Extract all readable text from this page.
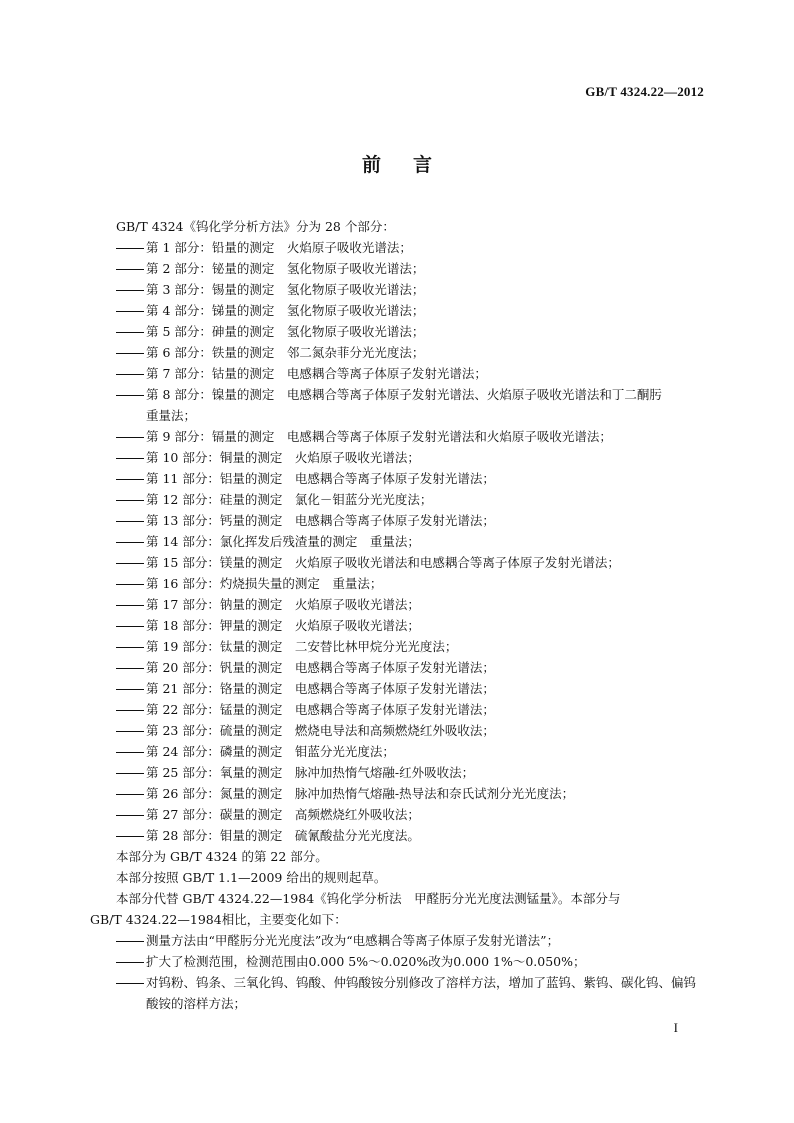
GB/T 4324.22—2012
前言
GB/T 4324《钨化学分析方法》分为 28 个部分：
第 1 部分：铅量的测定　火焰原子吸收光谱法；
第 2 部分：铋量的测定　氢化物原子吸收光谱法；
第 3 部分：锡量的测定　氢化物原子吸收光谱法；
第 4 部分：锑量的测定　氢化物原子吸收光谱法；
第 5 部分：砷量的测定　氢化物原子吸收光谱法；
第 6 部分：铁量的测定　邻二氮杂菲分光光度法；
第 7 部分：钴量的测定　电感耦合等离子体原子发射光谱法；
第 8 部分：镍量的测定　电感耦合等离子体原子发射光谱法、火焰原子吸收光谱法和丁二酮肟
重量法；
第 9 部分：镉量的测定　电感耦合等离子体原子发射光谱法和火焰原子吸收光谱法；
第 10 部分：铜量的测定　火焰原子吸收光谱法；
第 11 部分：铝量的测定　电感耦合等离子体原子发射光谱法；
第 12 部分：硅量的测定　氯化－钼蓝分光光度法；
第 13 部分：钙量的测定　电感耦合等离子体原子发射光谱法；
第 14 部分：氯化挥发后残渣量的测定　重量法；
第 15 部分：镁量的测定　火焰原子吸收光谱法和电感耦合等离子体原子发射光谱法；
第 16 部分：灼烧损失量的测定　重量法；
第 17 部分：钠量的测定　火焰原子吸收光谱法；
第 18 部分：钾量的测定　火焰原子吸收光谱法；
第 19 部分：钛量的测定　二安替比林甲烷分光光度法；
第 20 部分：钒量的测定　电感耦合等离子体原子发射光谱法；
第 21 部分：铬量的测定　电感耦合等离子体原子发射光谱法；
第 22 部分：锰量的测定　电感耦合等离子体原子发射光谱法；
第 23 部分：硫量的测定　燃烧电导法和高频燃烧红外吸收法；
第 24 部分：磷量的测定　钼蓝分光光度法；
第 25 部分：氧量的测定　脉冲加热惰气熔融-红外吸收法；
第 26 部分：氮量的测定　脉冲加热惰气熔融-热导法和奈氏试剂分光光度法；
第 27 部分：碳量的测定　高频燃烧红外吸收法；
第 28 部分：钼量的测定　硫氰酸盐分光光度法。
本部分为 GB/T 4324 的第 22 部分。
本部分按照 GB/T 1.1—2009 给出的规则起草。
本部分代替 GB/T 4324.22—1984《钨化学分析法　甲醛肟分光光度法测锰量》。本部分与
GB/T 4324.22—1984相比，主要变化如下：
测量方法由“甲醛肟分光光度法”改为“电感耦合等离子体原子发射光谱法”；
扩大了检测范围，检测范围由0.000 5%～0.020%改为0.000 1%～0.050%；
对钨粉、钨条、三氧化钨、钨酸、仲钨酸铵分别修改了溶样方法，增加了蓝钨、紫钨、碳化钨、偏钨
酸铵的溶样方法；
I
